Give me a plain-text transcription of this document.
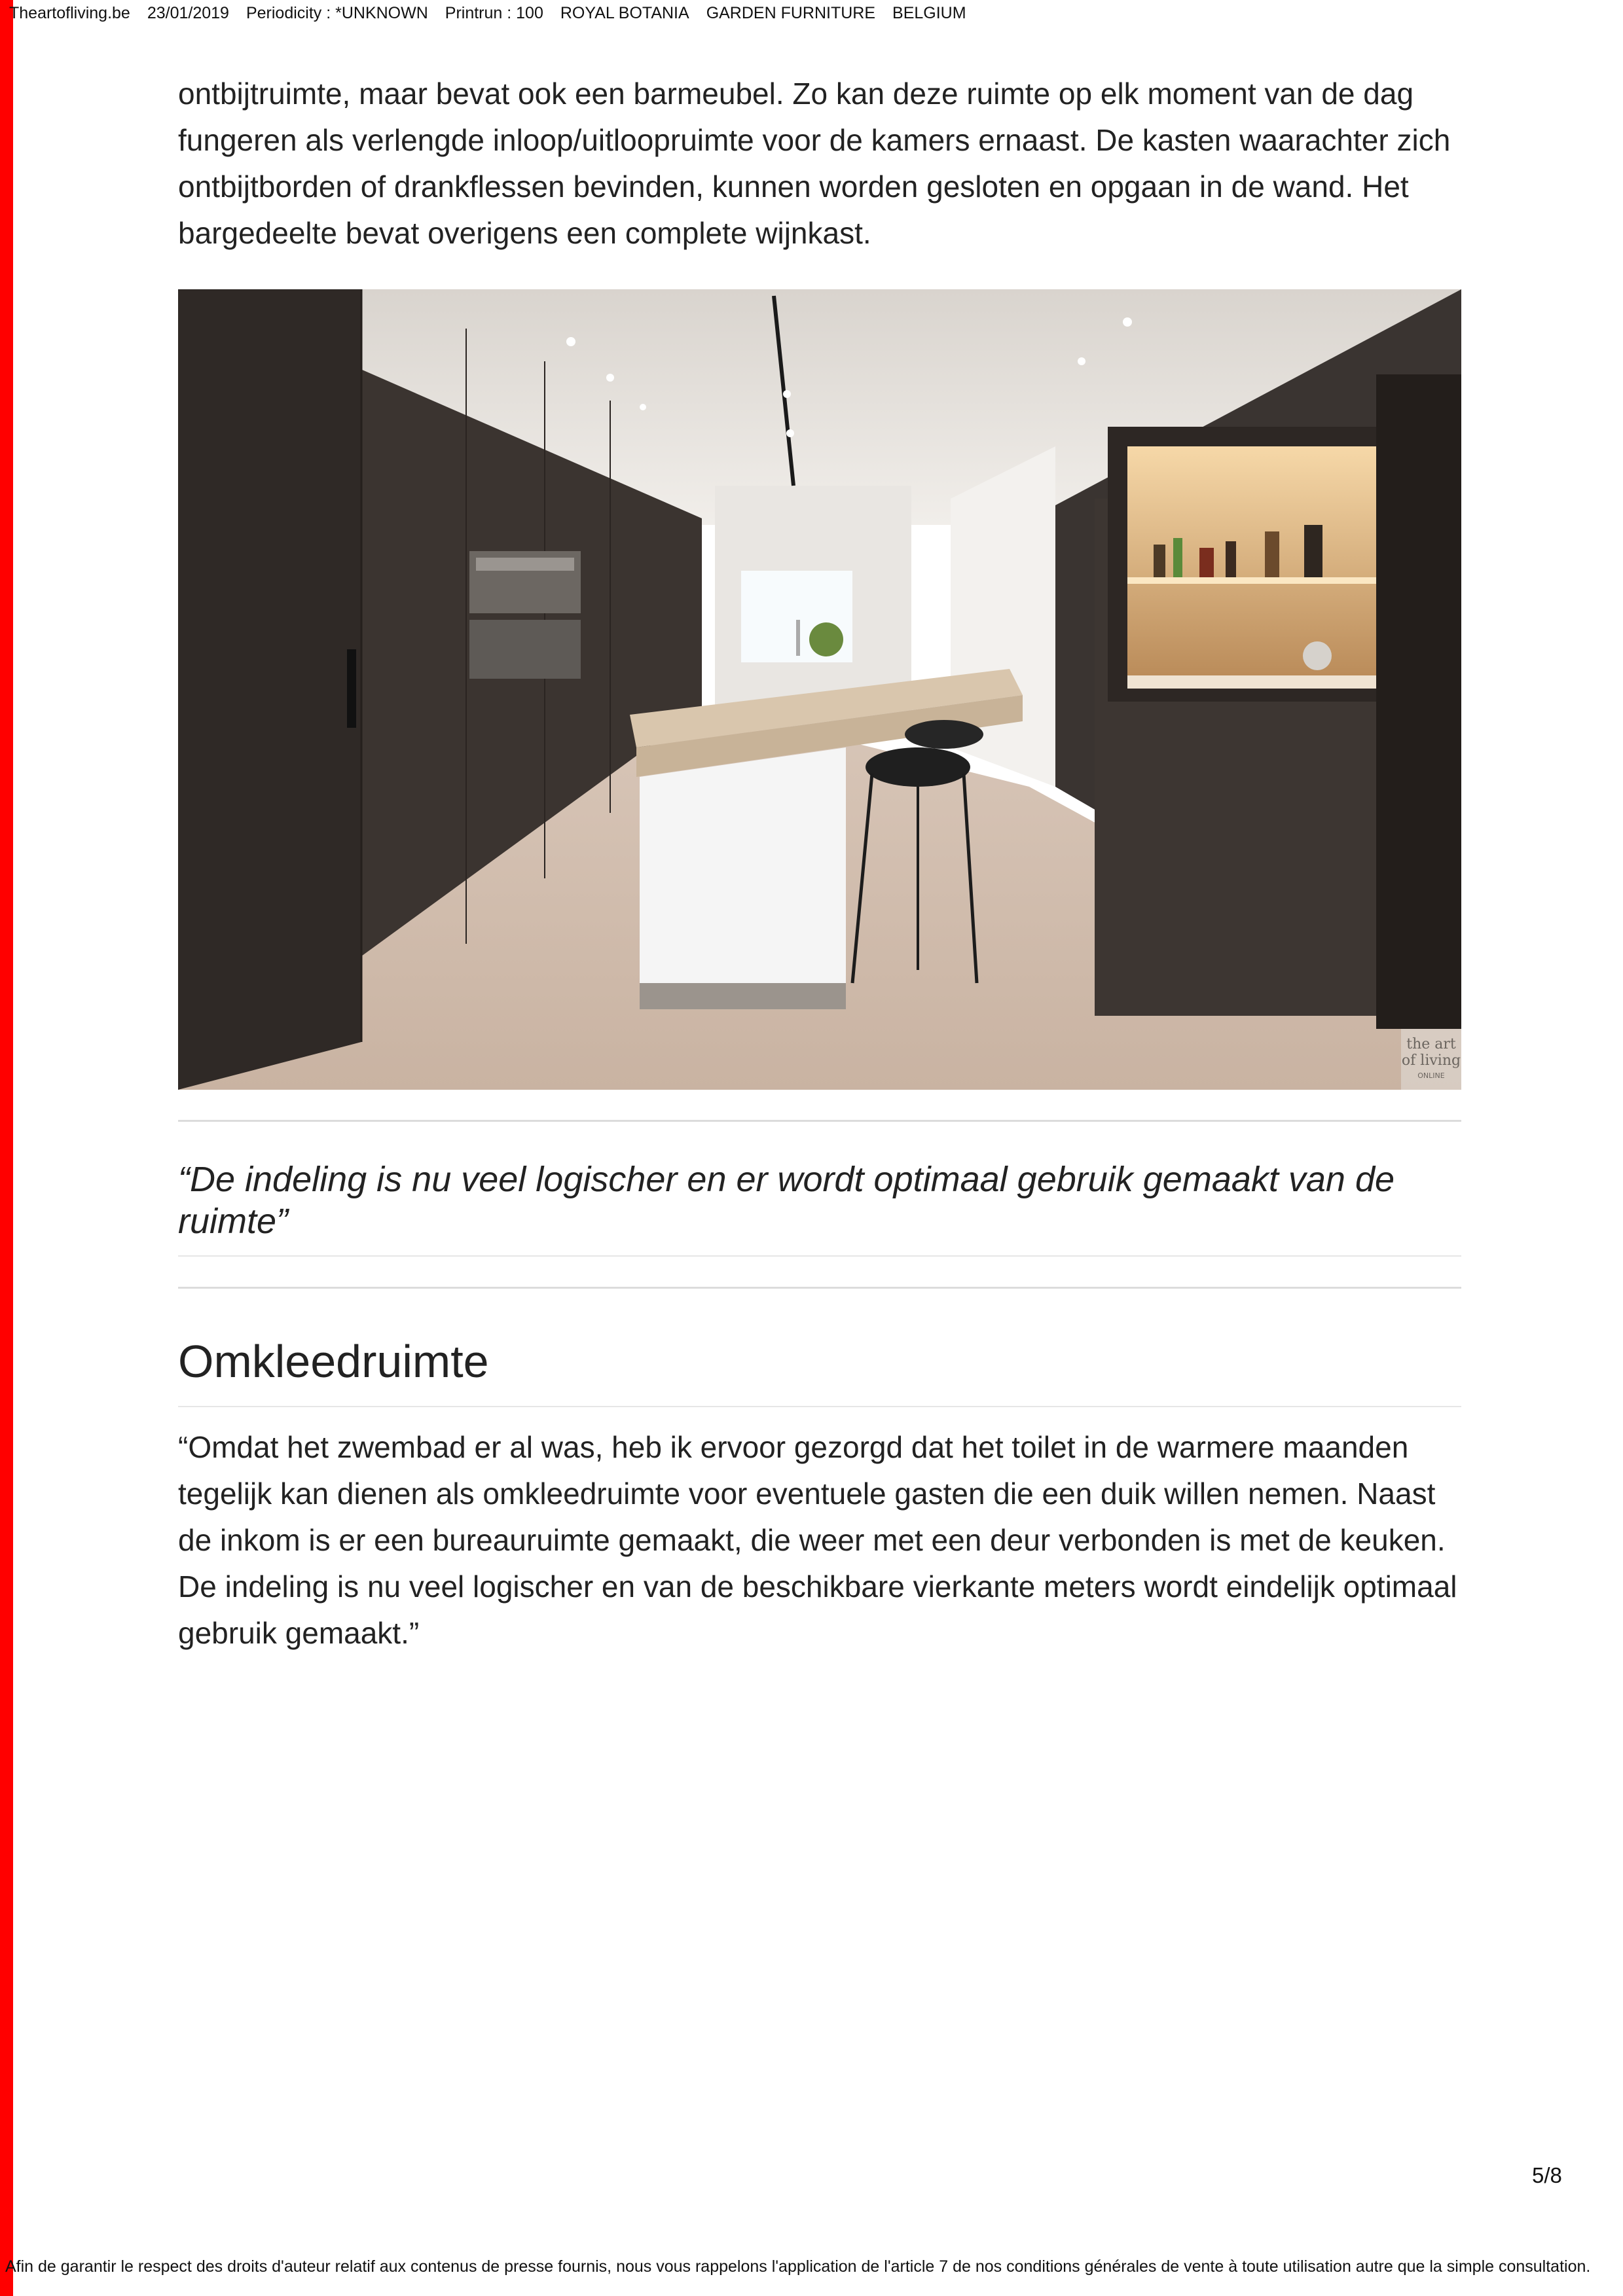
Theartofliving.be 23/01/2019 Periodicity : *UNKNOWN Printrun : 100 ROYAL BOTANIA GARDEN FURNITURE BELGIUM

ontbijtruimte, maar bevat ook een barmeubel. Zo kan deze ruimte op elk moment van de dag fungeren als verlengde inloop/uitloopruimte voor de kamers ernaast. De kasten waarachter zich ontbijtborden of drankflessen bevinden, kunnen worden gesloten en opgaan in de wand. Het bargedeelte bevat overigens een complete wijnkast.

the art
of living
ONLINE

“De indeling is nu veel logischer en er wordt optimaal gebruik gemaakt van de ruimte”

Omkleedruimte

“Omdat het zwembad er al was, heb ik ervoor gezorgd dat het toilet in de warmere maanden tegelijk kan dienen als omkleedruimte voor eventuele gasten die een duik willen nemen. Naast de inkom is er een bureauruimte gemaakt, die weer met een deur verbonden is met de keuken. De indeling is nu veel logischer en van de beschikbare vierkante meters wordt eindelijk optimaal gebruik gemaakt.”

5/8
Afin de garantir le respect des droits d'auteur relatif aux contenus de presse fournis, nous vous rappelons l'application de l'article 7 de nos conditions générales de vente à toute utilisation autre que la simple consultation.
